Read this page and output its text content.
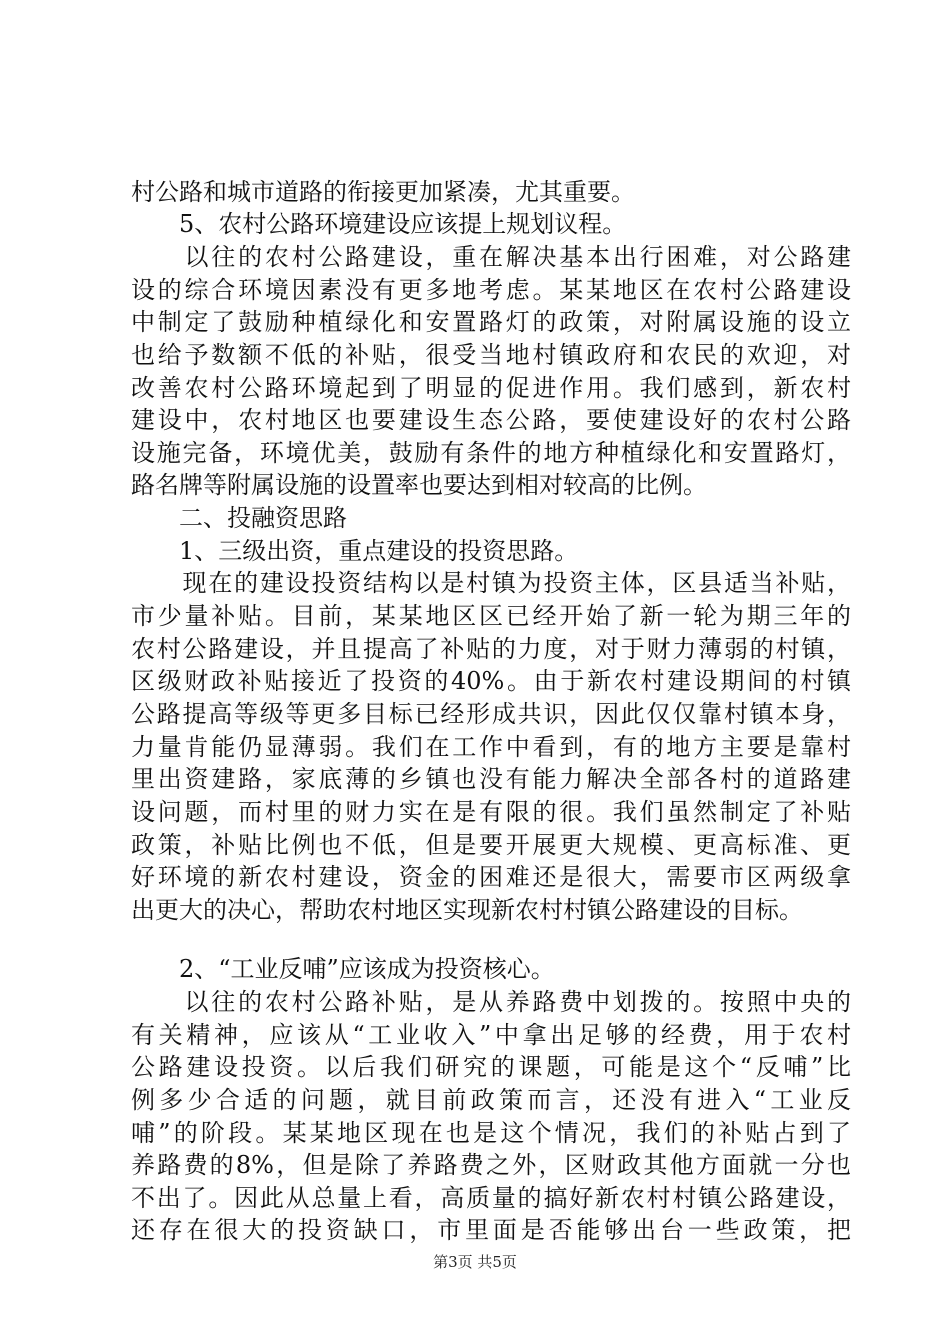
村公路和城市道路的衔接更加紧凑，尤其重要。
　　5、农村公路环境建设应该提上规划议程。
　　以往的农村公路建设，重在解决基本出行困难，对公路建
设的综合环境因素没有更多地考虑。某某地区在农村公路建设
中制定了鼓励种植绿化和安置路灯的政策，对附属设施的设立
也给予数额不低的补贴，很受当地村镇政府和农民的欢迎，对
改善农村公路环境起到了明显的促进作用。我们感到，新农村
建设中，农村地区也要建设生态公路，要使建设好的农村公路
设施完备，环境优美，鼓励有条件的地方种植绿化和安置路灯，
路名牌等附属设施的设置率也要达到相对较高的比例。
　　二、投融资思路
　　1、三级出资，重点建设的投资思路。
　　现在的建设投资结构以是村镇为投资主体，区县适当补贴，
市少量补贴。目前，某某地区区已经开始了新一轮为期三年的
农村公路建设，并且提高了补贴的力度，对于财力薄弱的村镇，
区级财政补贴接近了投资的40%。由于新农村建设期间的村镇
公路提高等级等更多目标已经形成共识，因此仅仅靠村镇本身，
力量肯能仍显薄弱。我们在工作中看到，有的地方主要是靠村
里出资建路，家底薄的乡镇也没有能力解决全部各村的道路建
设问题，而村里的财力实在是有限的很。我们虽然制定了补贴
政策，补贴比例也不低，但是要开展更大规模、更高标准、更
好环境的新农村建设，资金的困难还是很大，需要市区两级拿
出更大的决心，帮助农村地区实现新农村村镇公路建设的目标。
　　2、“工业反哺”应该成为投资核心。
　　以往的农村公路补贴，是从养路费中划拨的。按照中央的
有关精神，应该从“工业收入”中拿出足够的经费，用于农村
公路建设投资。以后我们研究的课题，可能是这个“反哺”比
例多少合适的问题，就目前政策而言，还没有进入“工业反
哺”的阶段。某某地区现在也是这个情况，我们的补贴占到了
养路费的8%，但是除了养路费之外，区财政其他方面就一分也
不出了。因此从总量上看，高质量的搞好新农村村镇公路建设，
还存在很大的投资缺口，市里面是否能够出台一些政策，把
第3页 共5页
